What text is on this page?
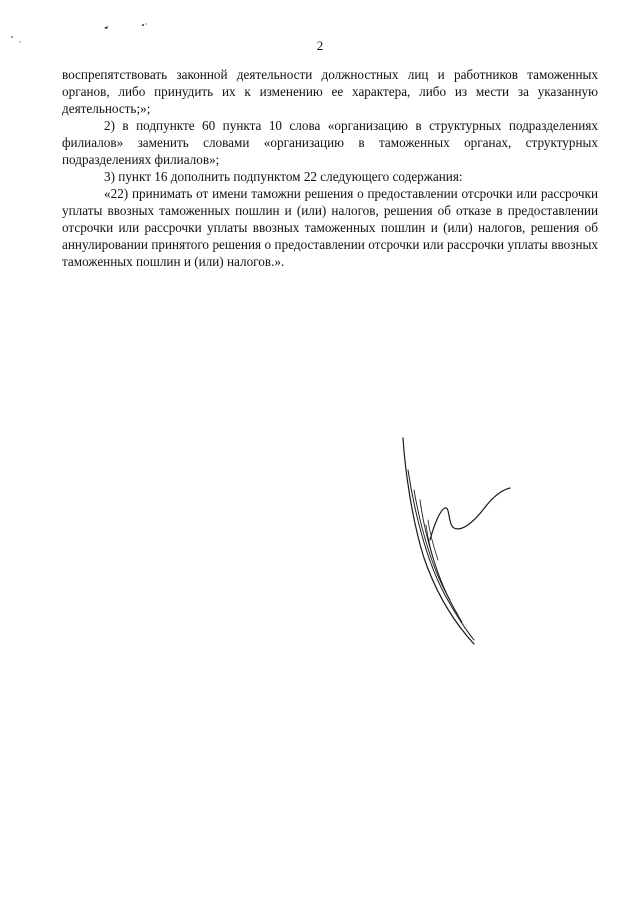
2

воспрепятствовать законной деятельности должностных лиц и работников таможенных органов, либо принудить их к изменению ее характера, либо из мести за указанную деятельность;»;

2) в подпункте 60 пункта 10 слова «организацию в структурных подразделениях филиалов» заменить словами «организацию в таможенных органах, структурных подразделениях филиалов»;

3) пункт 16 дополнить подпунктом 22 следующего содержания:

«22) принимать от имени таможни решения о предоставлении отсрочки или рассрочки уплаты ввозных таможенных пошлин и (или) налогов, решения об отказе в предоставлении отсрочки или рассрочки уплаты ввозных таможенных пошлин и (или) налогов, решения об аннулировании принятого решения о предоставлении отсрочки или рассрочки уплаты ввозных таможенных пошлин и (или) налогов.».
